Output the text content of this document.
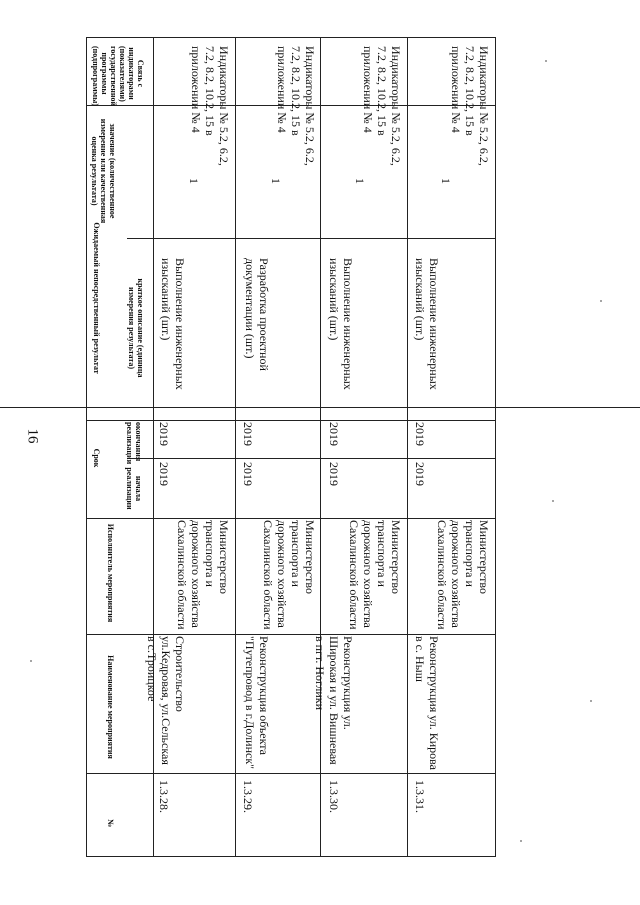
16
Связь с индикаторами (показателями) государственной программы (подпрограммы)
значение (количественное измерение или качественная оценка результата)
Ожидаемый непосредственный результат	краткое описание (единица измерения результата)
Срок	окончания реализации
начала реализации
Исполнитель мероприятия
Наименование мероприятия
№
Индикаторы № 5.2, 6.2, 7.2, 8.2, 10.2, 15 в приложении № 4
1
Выполнение инженерных изысканий (шт.)
2019
2019
Министерство транспорта и дорожного хозяйства Сахалинской области
Строительство ул.Кедровая, ул.Сельская в с.Троицкое
1.3.28.
Индикаторы № 5.2, 6.2, 7.2, 8.2, 10.2, 15 в приложении № 4
1
Разработка проектной документации (шт.)
2019
2019
Министерство транспорта и дорожного хозяйства Сахалинской области
Реконструкция объекта "Путепровод в г.Долинск"
1.3.29.
Индикаторы № 5.2, 6.2, 7.2, 8.2, 10.2, 15 в приложении № 4
1
Выполнение инженерных изысканий (шт.)
2019
2019
Министерство транспорта и дорожного хозяйства Сахалинской области
Реконструкция ул. Широкая и ул. Вишневая в пгт. Ноглики
1.3.30.
Индикаторы № 5.2, 6.2, 7.2, 8.2, 10.2, 15 в приложении № 4
1
Выполнение инженерных изысканий (шт.)
2019
2019
Министерство транспорта и дорожного хозяйства Сахалинской области
Реконструкция ул. Кирова в с. Ныш
1.3.31.
